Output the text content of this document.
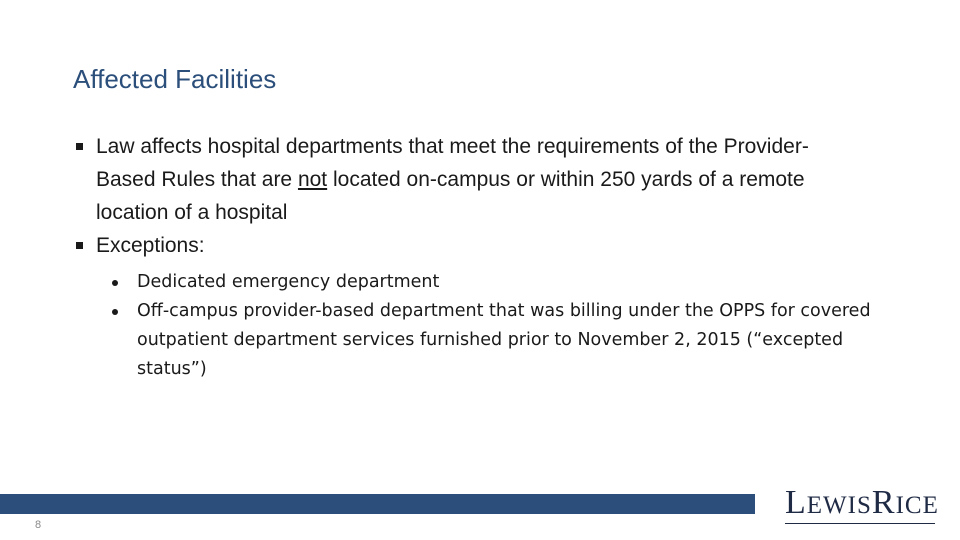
Affected Facilities
Law affects hospital departments that meet the requirements of the Provider-Based Rules that are not located on-campus or within 250 yards of a remote location of a hospital
Exceptions:
Dedicated emergency department
Off-campus provider-based department that was billing under the OPPS for covered outpatient department services furnished prior to November 2, 2015 (“excepted status”)
8
LEWISRICE
